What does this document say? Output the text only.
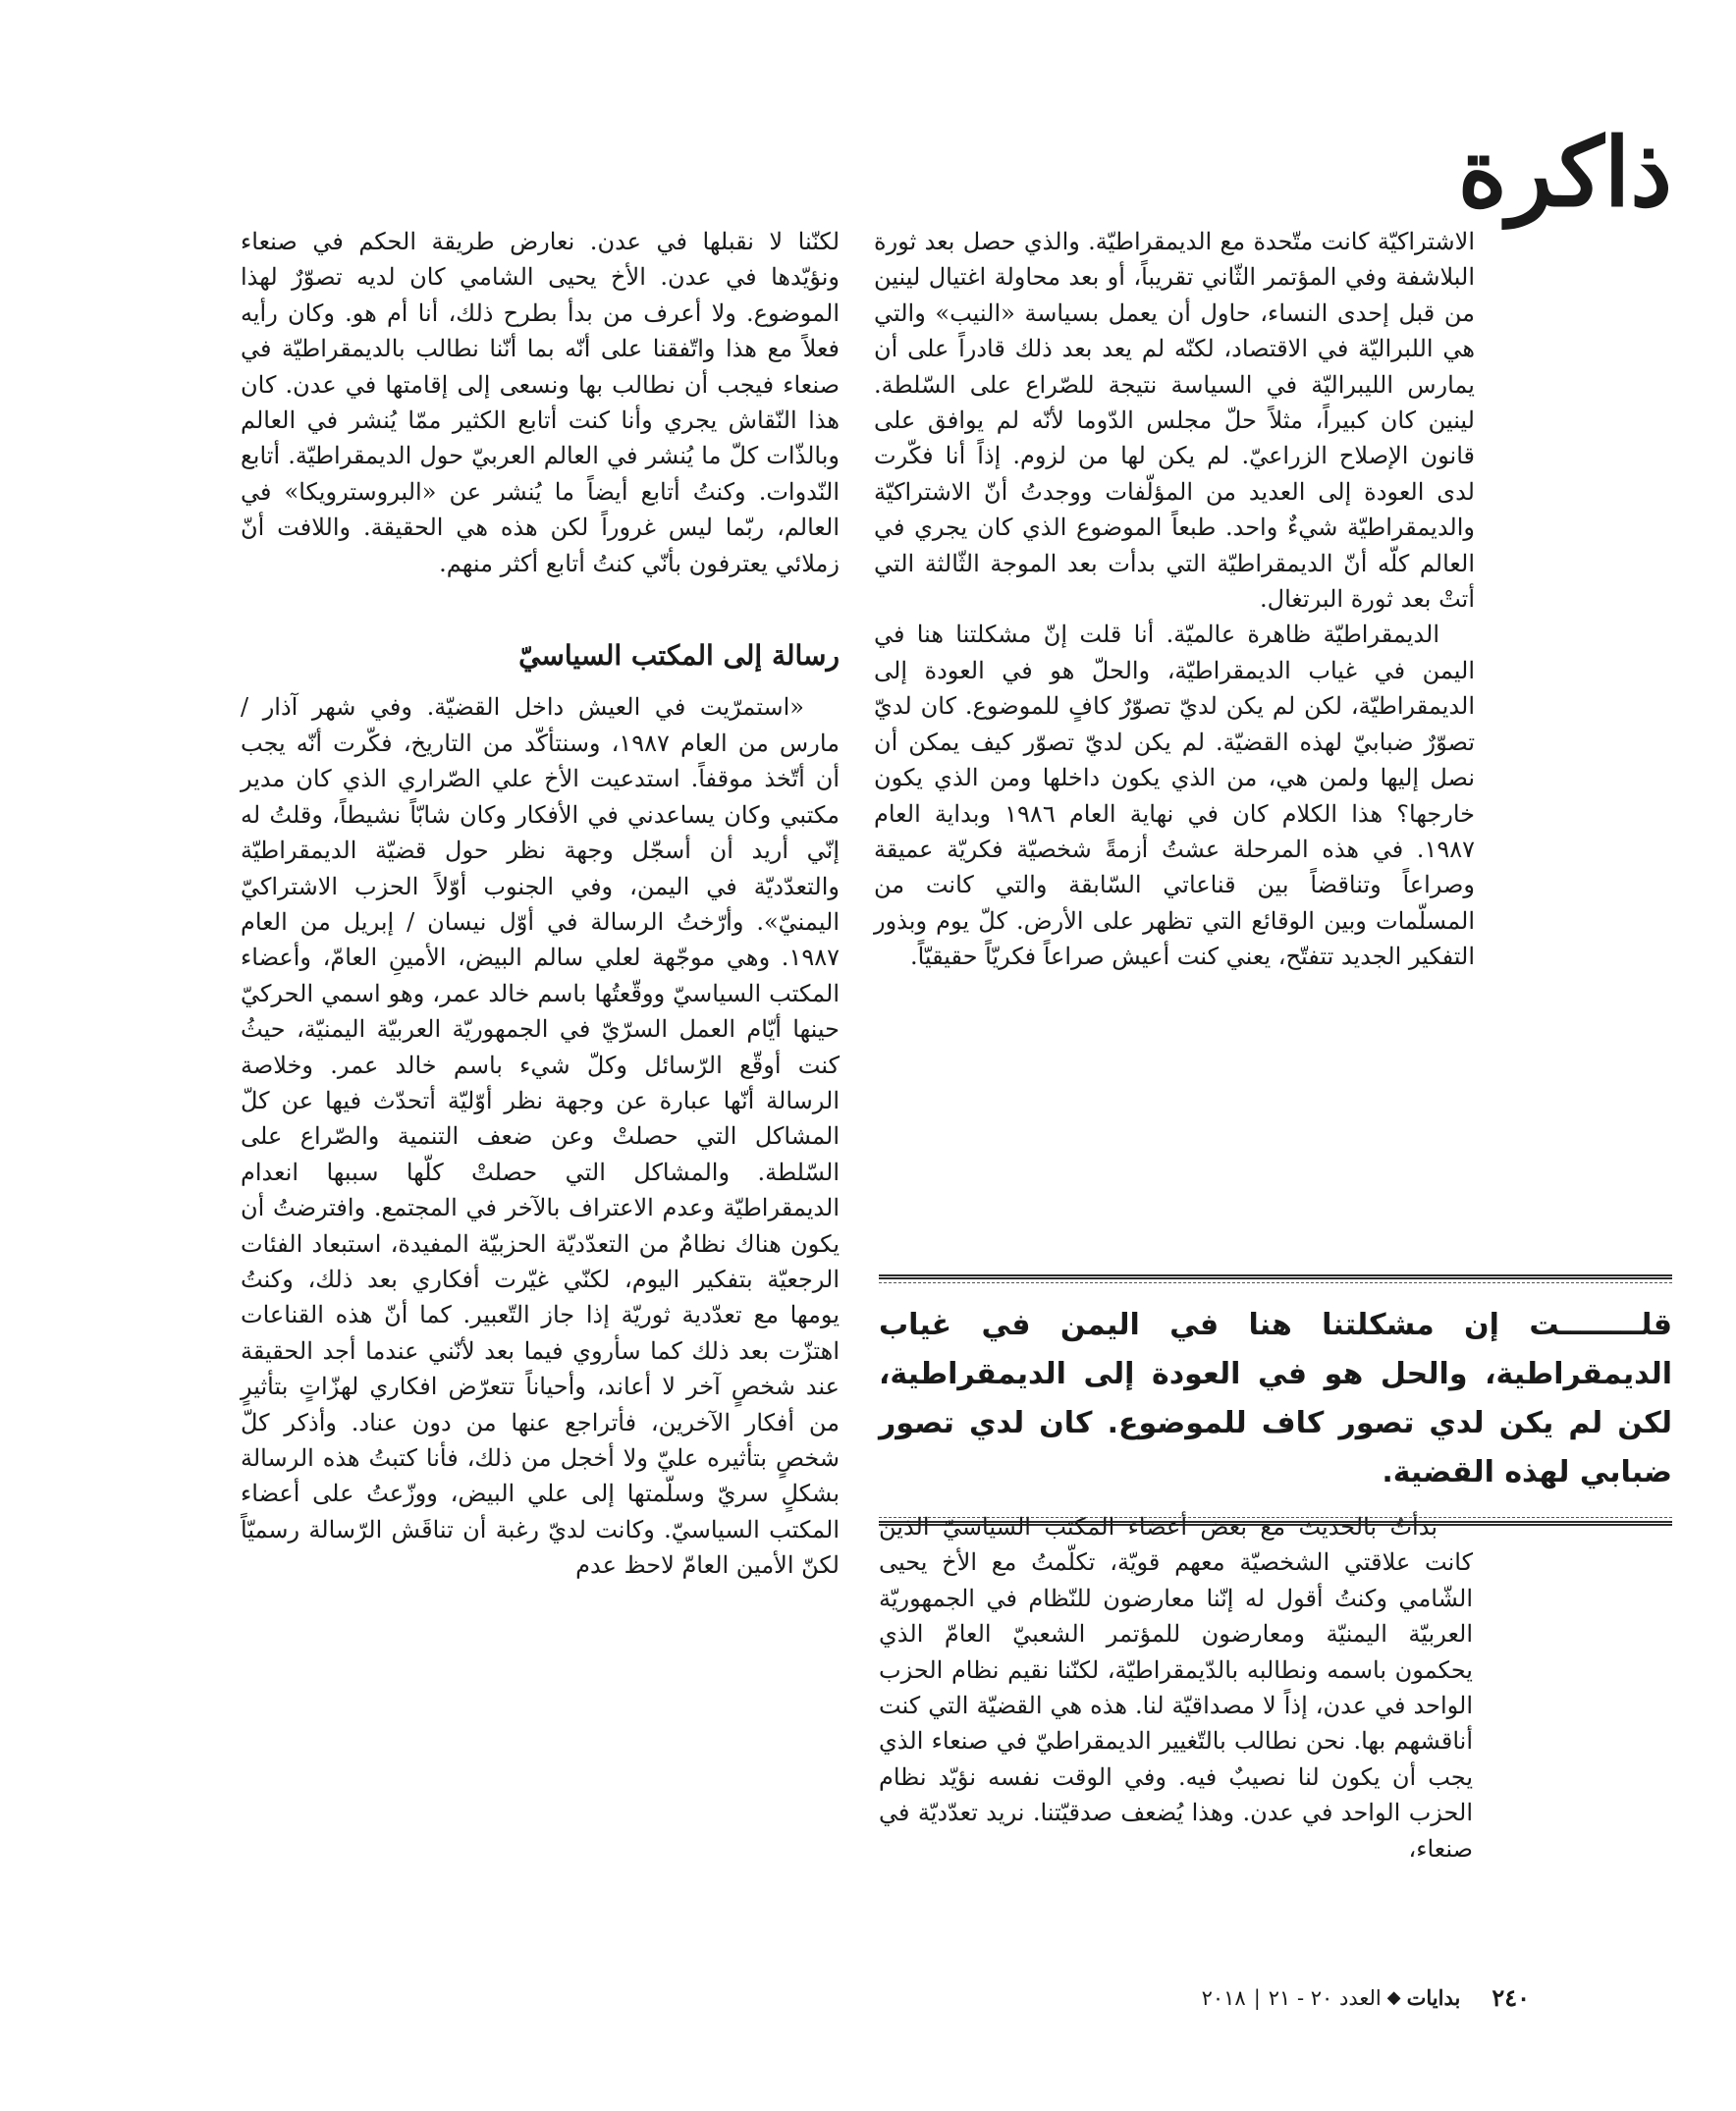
ذاكرة

الاشتراكيّة كانت متّحدة مع الديمقراطيّة. والذي حصل بعد ثورة البلاشفة وفي المؤتمر الثّاني تقريباً، أو بعد محاولة اغتيال لينين من قبل إحدى النساء، حاول أن يعمل بسياسة «النيب» والتي هي اللبراليّة في الاقتصاد، لكنّه لم يعد بعد ذلك قادراً على أن يمارس الليبراليّة في السياسة نتيجة للصّراع على السّلطة. لينين كان كبيراً، مثلاً حلّ مجلس الدّوما لأنّه لم يوافق على قانون الإصلاح الزراعيّ. لم يكن لها من لزوم. إذاً أنا فكّرت لدى العودة إلى العديد من المؤلّفات ووجدتُ أنّ الاشتراكيّة والديمقراطيّة شيءٌ واحد. طبعاً الموضوع الذي كان يجري في العالم كلّه أنّ الديمقراطيّة التي بدأت بعد الموجة الثّالثة التي أتتْ بعد ثورة البرتغال.

الديمقراطيّة ظاهرة عالميّة. أنا قلت إنّ مشكلتنا هنا في اليمن في غياب الديمقراطيّة، والحلّ هو في العودة إلى الديمقراطيّة، لكن لم يكن لديّ تصوّرٌ كافٍ للموضوع. كان لديّ تصوّرٌ ضبابيّ لهذه القضيّة. لم يكن لديّ تصوّر كيف يمكن أن نصل إليها ولمن هي، من الذي يكون داخلها ومن الذي يكون خارجها؟ هذا الكلام كان في نهاية العام ١٩٨٦ وبداية العام ١٩٨٧. في هذه المرحلة عشتُ أزمةً شخصيّة فكريّة عميقة وصراعاً وتناقضاً بين قناعاتي السّابقة والتي كانت من المسلّمات وبين الوقائع التي تظهر على الأرض. كلّ يوم وبذور التفكير الجديد تتفتّح، يعني كنت أعيش صراعاً فكريّاً حقيقيّاً.

قلــــــــت إن مشكلتنا هنا في اليمن في غياب الديمقراطية، والحل هو في العودة إلى الديمقراطية، لكن لم يكن لدي تصور كاف للموضوع. كان لدي تصور ضبابي لهذه القضية.

بدأتُ بالحديث مع بعض أعضاء المكتب السياسيّ الذين كانت علاقتي الشخصيّة معهم قويّة، تكلّمتُ مع الأخ يحيى الشّامي وكنتُ أقول له إنّنا معارضون للنّظام في الجمهوريّة العربيّة اليمنيّة ومعارضون للمؤتمر الشعبيّ العامّ الذي يحكمون باسمه ونطالبه بالدّيمقراطيّة، لكنّنا نقيم نظام الحزب الواحد في عدن، إذاً لا مصداقيّة لنا. هذه هي القضيّة التي كنت أناقشهم بها. نحن نطالب بالتّغيير الديمقراطيّ في صنعاء الذي يجب أن يكون لنا نصيبٌ فيه. وفي الوقت نفسه نؤيّد نظام الحزب الواحد في عدن. وهذا يُضعف صدقيّتنا. نريد تعدّديّة في صنعاء،

لكنّنا لا نقبلها في عدن. نعارض طريقة الحكم في صنعاء ونؤيّدها في عدن. الأخ يحيى الشامي كان لديه تصوّرٌ لهذا الموضوع. ولا أعرف من بدأ بطرح ذلك، أنا أم هو. وكان رأيه فعلاً مع هذا واتّفقنا على أنّه بما أنّنا نطالب بالديمقراطيّة في صنعاء فيجب أن نطالب بها ونسعى إلى إقامتها في عدن. كان هذا النّقاش يجري وأنا كنت أتابع الكثير ممّا يُنشر في العالم وبالذّات كلّ ما يُنشر في العالم العربيّ حول الديمقراطيّة. أتابع النّدوات. وكنتُ أتابع أيضاً ما يُنشر عن «البروسترويكا» في العالم، ربّما ليس غروراً لكن هذه هي الحقيقة. واللافت أنّ زملائي يعترفون بأنّي كنتُ أتابع أكثر منهم.

رسالة إلى المكتب السياسيّ

«استمرّيت في العيش داخل القضيّة. وفي شهر آذار / مارس من العام ١٩٨٧، وسنتأكّد من التاريخ، فكّرت أنّه يجب أن أتّخذ موقفاً. استدعيت الأخ علي الصّراري الذي كان مدير مكتبي وكان يساعدني في الأفكار وكان شابّاً نشيطاً، وقلتُ له إنّي أريد أن أسجّل وجهة نظر حول قضيّة الديمقراطيّة والتعدّديّة في اليمن، وفي الجنوب أوّلاً الحزب الاشتراكيّ اليمنيّ». وأرّختُ الرسالة في أوّل نيسان / إبريل من العام ١٩٨٧. وهي موجّهة لعلي سالم البيض، الأمينِ العامّ، وأعضاء المكتب السياسيّ ووقّعتُها باسم خالد عمر، وهو اسمي الحركيّ حينها أيّام العمل السرّيّ في الجمهوريّة العربيّة اليمنيّة، حيثُ كنت أوقّع الرّسائل وكلّ شيء باسم خالد عمر. وخلاصة الرسالة أنّها عبارة عن وجهة نظر أوّليّة أتحدّث فيها عن كلّ المشاكل التي حصلتْ وعن ضعف التنمية والصّراع على السّلطة. والمشاكل التي حصلتْ كلّها سببها انعدام الديمقراطيّة وعدم الاعتراف بالآخر في المجتمع. وافترضتُ أن يكون هناك نظامٌ من التعدّديّة الحزبيّة المفيدة، استبعاد الفئات الرجعيّة بتفكير اليوم، لكنّي غيّرت أفكاري بعد ذلك، وكنتُ يومها مع تعدّدية ثوريّة إذا جاز التّعبير. كما أنّ هذه القناعات اهتزّت بعد ذلك كما سأروي فيما بعد لأنّني عندما أجد الحقيقة عند شخصٍ آخر لا أعاند، وأحياناً تتعرّض افكاري لهزّاتٍ بتأثيرٍ من أفكار الآخرين، فأتراجع عنها من دون عناد. وأذكر كلّ شخصٍ بتأثيره عليّ ولا أخجل من ذلك، فأنا كتبتُ هذه الرسالة بشكلٍ سريّ وسلّمتها إلى علي البيض، ووزّعتُ على أعضاء المكتب السياسيّ. وكانت لديّ رغبة أن تناقَش الرّسالة رسميّاً لكنّ الأمين العامّ لاحظ عدم

٢٤٠
بدايات
◆
العدد ٢٠ - ٢١
|
٢٠١٨
